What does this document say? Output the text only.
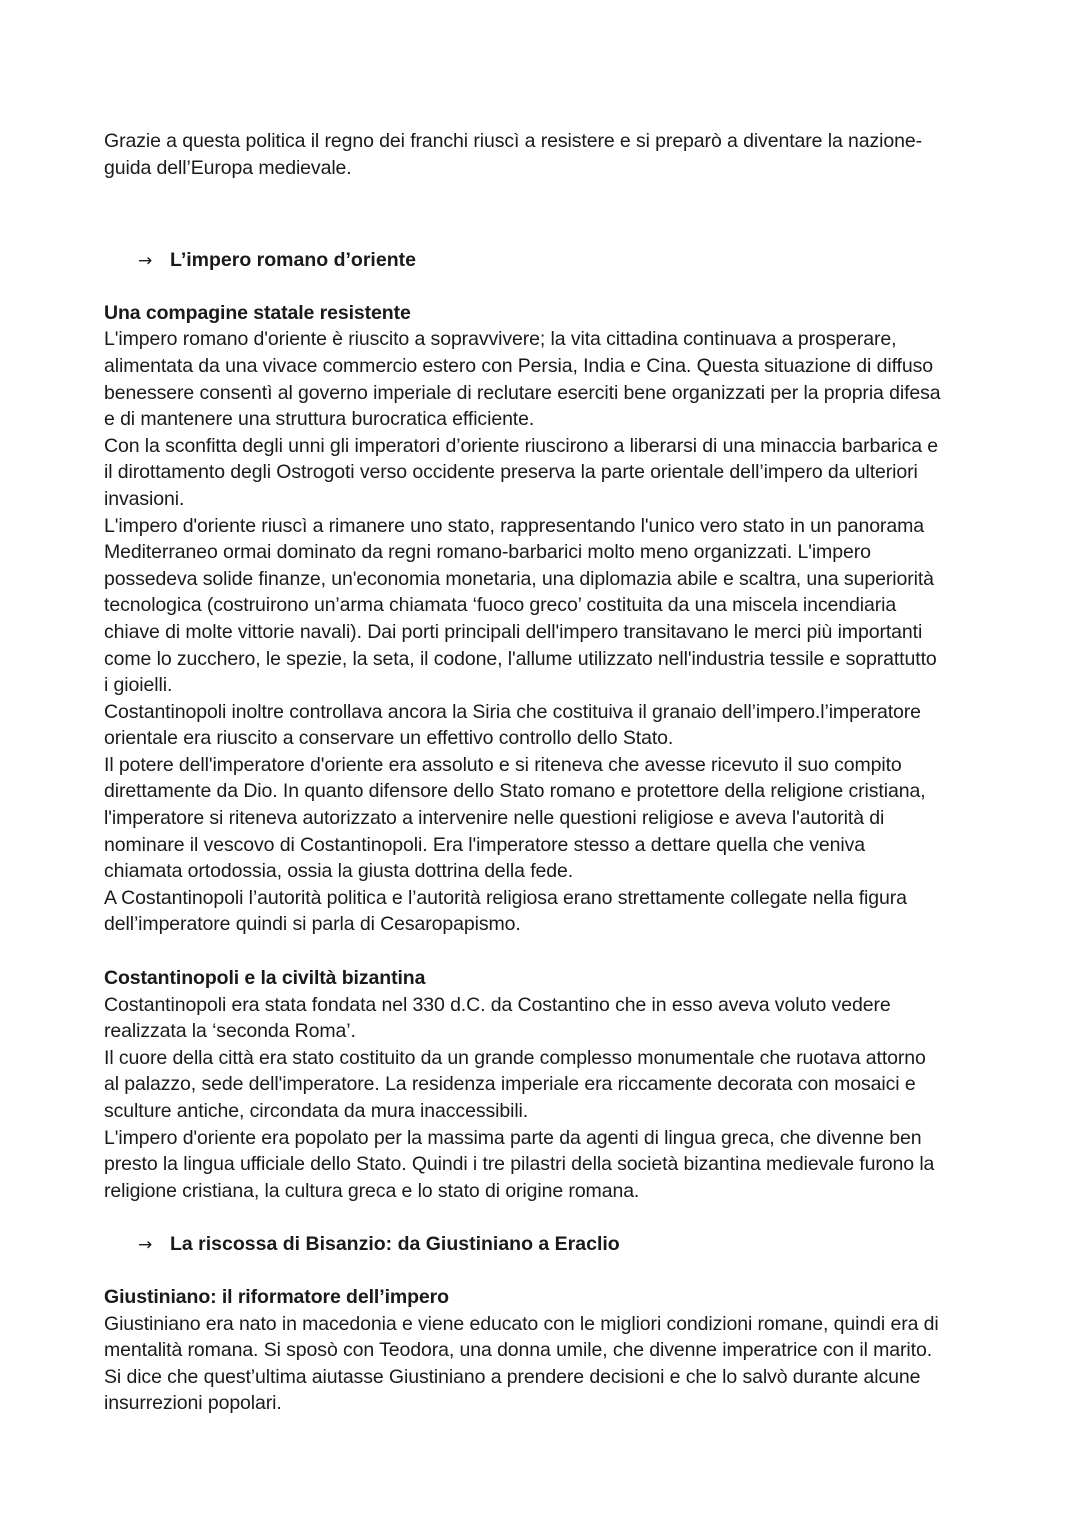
Grazie a questa politica il regno dei franchi riuscì a resistere e si preparò a diventare la nazione-
guida dell’Europa medievale.
→ L’impero romano d’oriente
Una compagine statale resistente
L'impero romano d'oriente è riuscito a sopravvivere; la vita cittadina continuava a prosperare,
alimentata da una vivace commercio estero con Persia, India e Cina. Questa situazione di diffuso
benessere consentì al governo imperiale di reclutare eserciti bene organizzati per la propria difesa
e di mantenere una struttura burocratica efficiente.
Con la sconfitta degli unni gli imperatori d’oriente riuscirono a liberarsi di una minaccia barbarica e
il dirottamento degli Ostrogoti verso occidente preserva la parte orientale dell’impero da ulteriori
invasioni.
L'impero d'oriente riuscì a rimanere uno stato, rappresentando l'unico vero stato in un panorama
Mediterraneo ormai dominato da regni romano-barbarici molto meno organizzati. L'impero
possedeva solide finanze, un'economia monetaria, una diplomazia abile e scaltra, una superiorità
tecnologica (costruirono un’arma chiamata ‘fuoco greco’ costituita da una miscela incendiaria
chiave di molte vittorie navali). Dai porti principali dell'impero transitavano le merci più importanti
come lo zucchero, le spezie, la seta, il codone, l'allume utilizzato nell'industria tessile e soprattutto
i gioielli.
Costantinopoli inoltre controllava ancora la Siria che costituiva il granaio dell’impero.l’imperatore
orientale era riuscito a conservare un effettivo controllo dello Stato.
Il potere dell'imperatore d'oriente era assoluto e si riteneva che avesse ricevuto il suo compito
direttamente da Dio. In quanto difensore dello Stato romano e protettore della religione cristiana,
l'imperatore si riteneva autorizzato a intervenire nelle questioni religiose e aveva l'autorità di
nominare il vescovo di Costantinopoli. Era l'imperatore stesso a dettare quella che veniva
chiamata ortodossia, ossia la giusta dottrina della fede.
A Costantinopoli l’autorità politica e l’autorità religiosa erano strettamente collegate nella figura
dell’imperatore quindi si parla di Cesaropapismo.
Costantinopoli e la civiltà bizantina
Costantinopoli era stata fondata nel 330 d.C. da Costantino che in esso aveva voluto vedere
realizzata la ‘seconda Roma’.
Il cuore della città era stato costituito da un grande complesso monumentale che ruotava attorno
al palazzo, sede dell'imperatore. La residenza imperiale era riccamente decorata con mosaici e
sculture antiche, circondata da mura inaccessibili.
L'impero d'oriente era popolato per la massima parte da agenti di lingua greca, che divenne ben
presto la lingua ufficiale dello Stato. Quindi i tre pilastri della società bizantina medievale furono la
religione cristiana, la cultura greca e lo stato di origine romana.
→ La riscossa di Bisanzio: da Giustiniano a Eraclio
Giustiniano: il riformatore dell’impero
Giustiniano era nato in macedonia e viene educato con le migliori condizioni romane, quindi era di
mentalità romana. Si sposò con Teodora, una donna umile, che divenne imperatrice con il marito.
Si dice che quest’ultima aiutasse Giustiniano a prendere decisioni e che lo salvò durante alcune
insurrezioni popolari.
